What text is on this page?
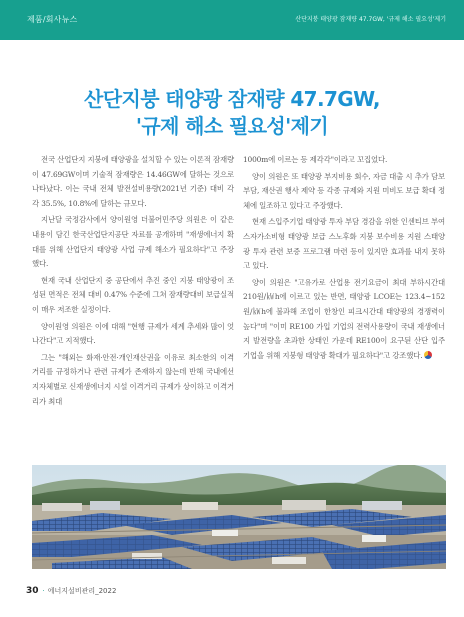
제품/회사뉴스	산단지붕 태양광 잠재량 47.7GW, '규제 해소 필요성'제기
산단지붕 태양광 잠재량 47.7GW,
'규제 해소 필요성'제기

전국 산업단지 지붕에 태양광을 설치할 수 있는 이론적 잠재량이 47.69GW이며 기술적 잠재량은 14.46GW에 달하는 것으로 나타났다. 이는 국내 전체 발전설비용량(2021년 기준) 대비 각각 35.5%, 10.8%에 달하는 규모다.

지난달 국정감사에서 양이원영 더불어민주당 의원은 이 같은 내용이 담긴 한국산업단지공단 자료를 공개하며 "재생에너지 확대를 위해 산업단지 태양광 사업 규제 해소가 필요하다"고 주장했다.

현재 국내 산업단지 중 공단에서 추진 중인 지붕 태양광이 조성된 면적은 전체 대비 0.47% 수준에 그쳐 잠재량대비 보급실적이 매우 저조한 실정이다.

양이원영 의원은 이에 대해 "현행 규제가 세계 추세와 많이 엇나간다"고 지적했다.

그는 "해외는 화재·안전·개인재산권을 이유로 최소한의 이격거리를 규정하거나 관련 규제가 존재하지 않는데 반해 국내에선 지자체별로 신재생에너지 시설 이격거리 규제가 상이하고 이격거리가 최대

1000m에 이르는 등 제각각"이라고 꼬집었다.

양이 의원은 또 태양광 부지비용 회수, 자금 대출 시 추가 담보 부담, 재산권 행사 제약 등 각종 규제와 지원 미비도 보급 확대 정체에 일조하고 있다고 주장했다.

현재 스입주기업 태양광 투자 부담 경감을 위한 인센티브 부여 스자가소비형 태양광 보급 스노후화 지붕 보수비용 지원 스태양광 투자 관련 보증 프로그램 마련 등이 있지만 효과를 내지 못하고 있다.

양이 의원은 "고유가로 산업용 전기요금이 최대 부하시간대 210원/㎾h에 이르고 있는 반면, 태양광 LCOE는 123.4~152원/㎾h에 불과해 조업이 한창인 피크시간대 태양광의 경쟁력이 높다"며 "이미 RE100 가입 기업의 전력사용량이 국내 재생에너지 발전량을 초과한 상태인 가운데 RE100이 요구된 산단 입주기업을 위해 지붕형 태양광 확대가 필요하다"고 강조했다.

30 · 에너지설비관리_2022
